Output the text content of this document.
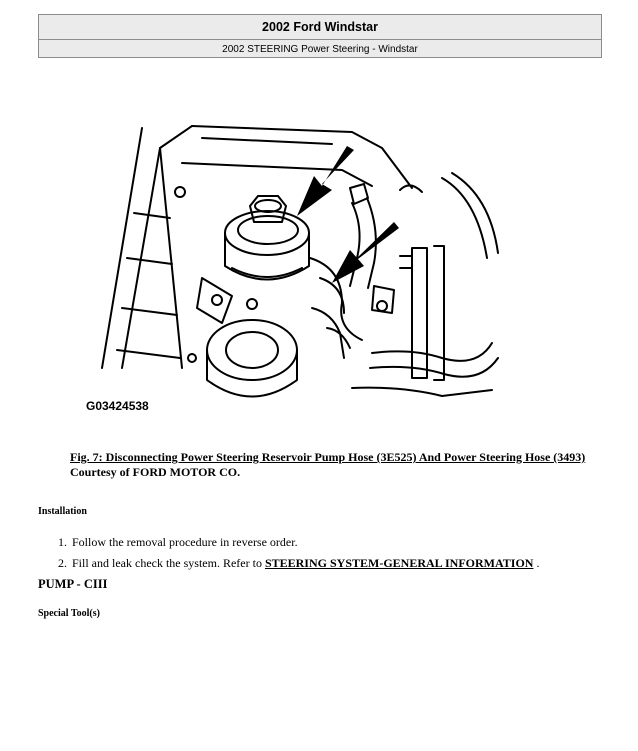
2002 Ford Windstar
2002 STEERING Power Steering - Windstar
G03424538
Fig. 7: Disconnecting Power Steering Reservoir Pump Hose (3E525) And Power Steering Hose (3493)
Courtesy of FORD MOTOR CO.
Installation
1. Follow the removal procedure in reverse order.
2. Fill and leak check the system. Refer to STEERING SYSTEM-GENERAL INFORMATION .
PUMP - CIII
Special Tool(s)
